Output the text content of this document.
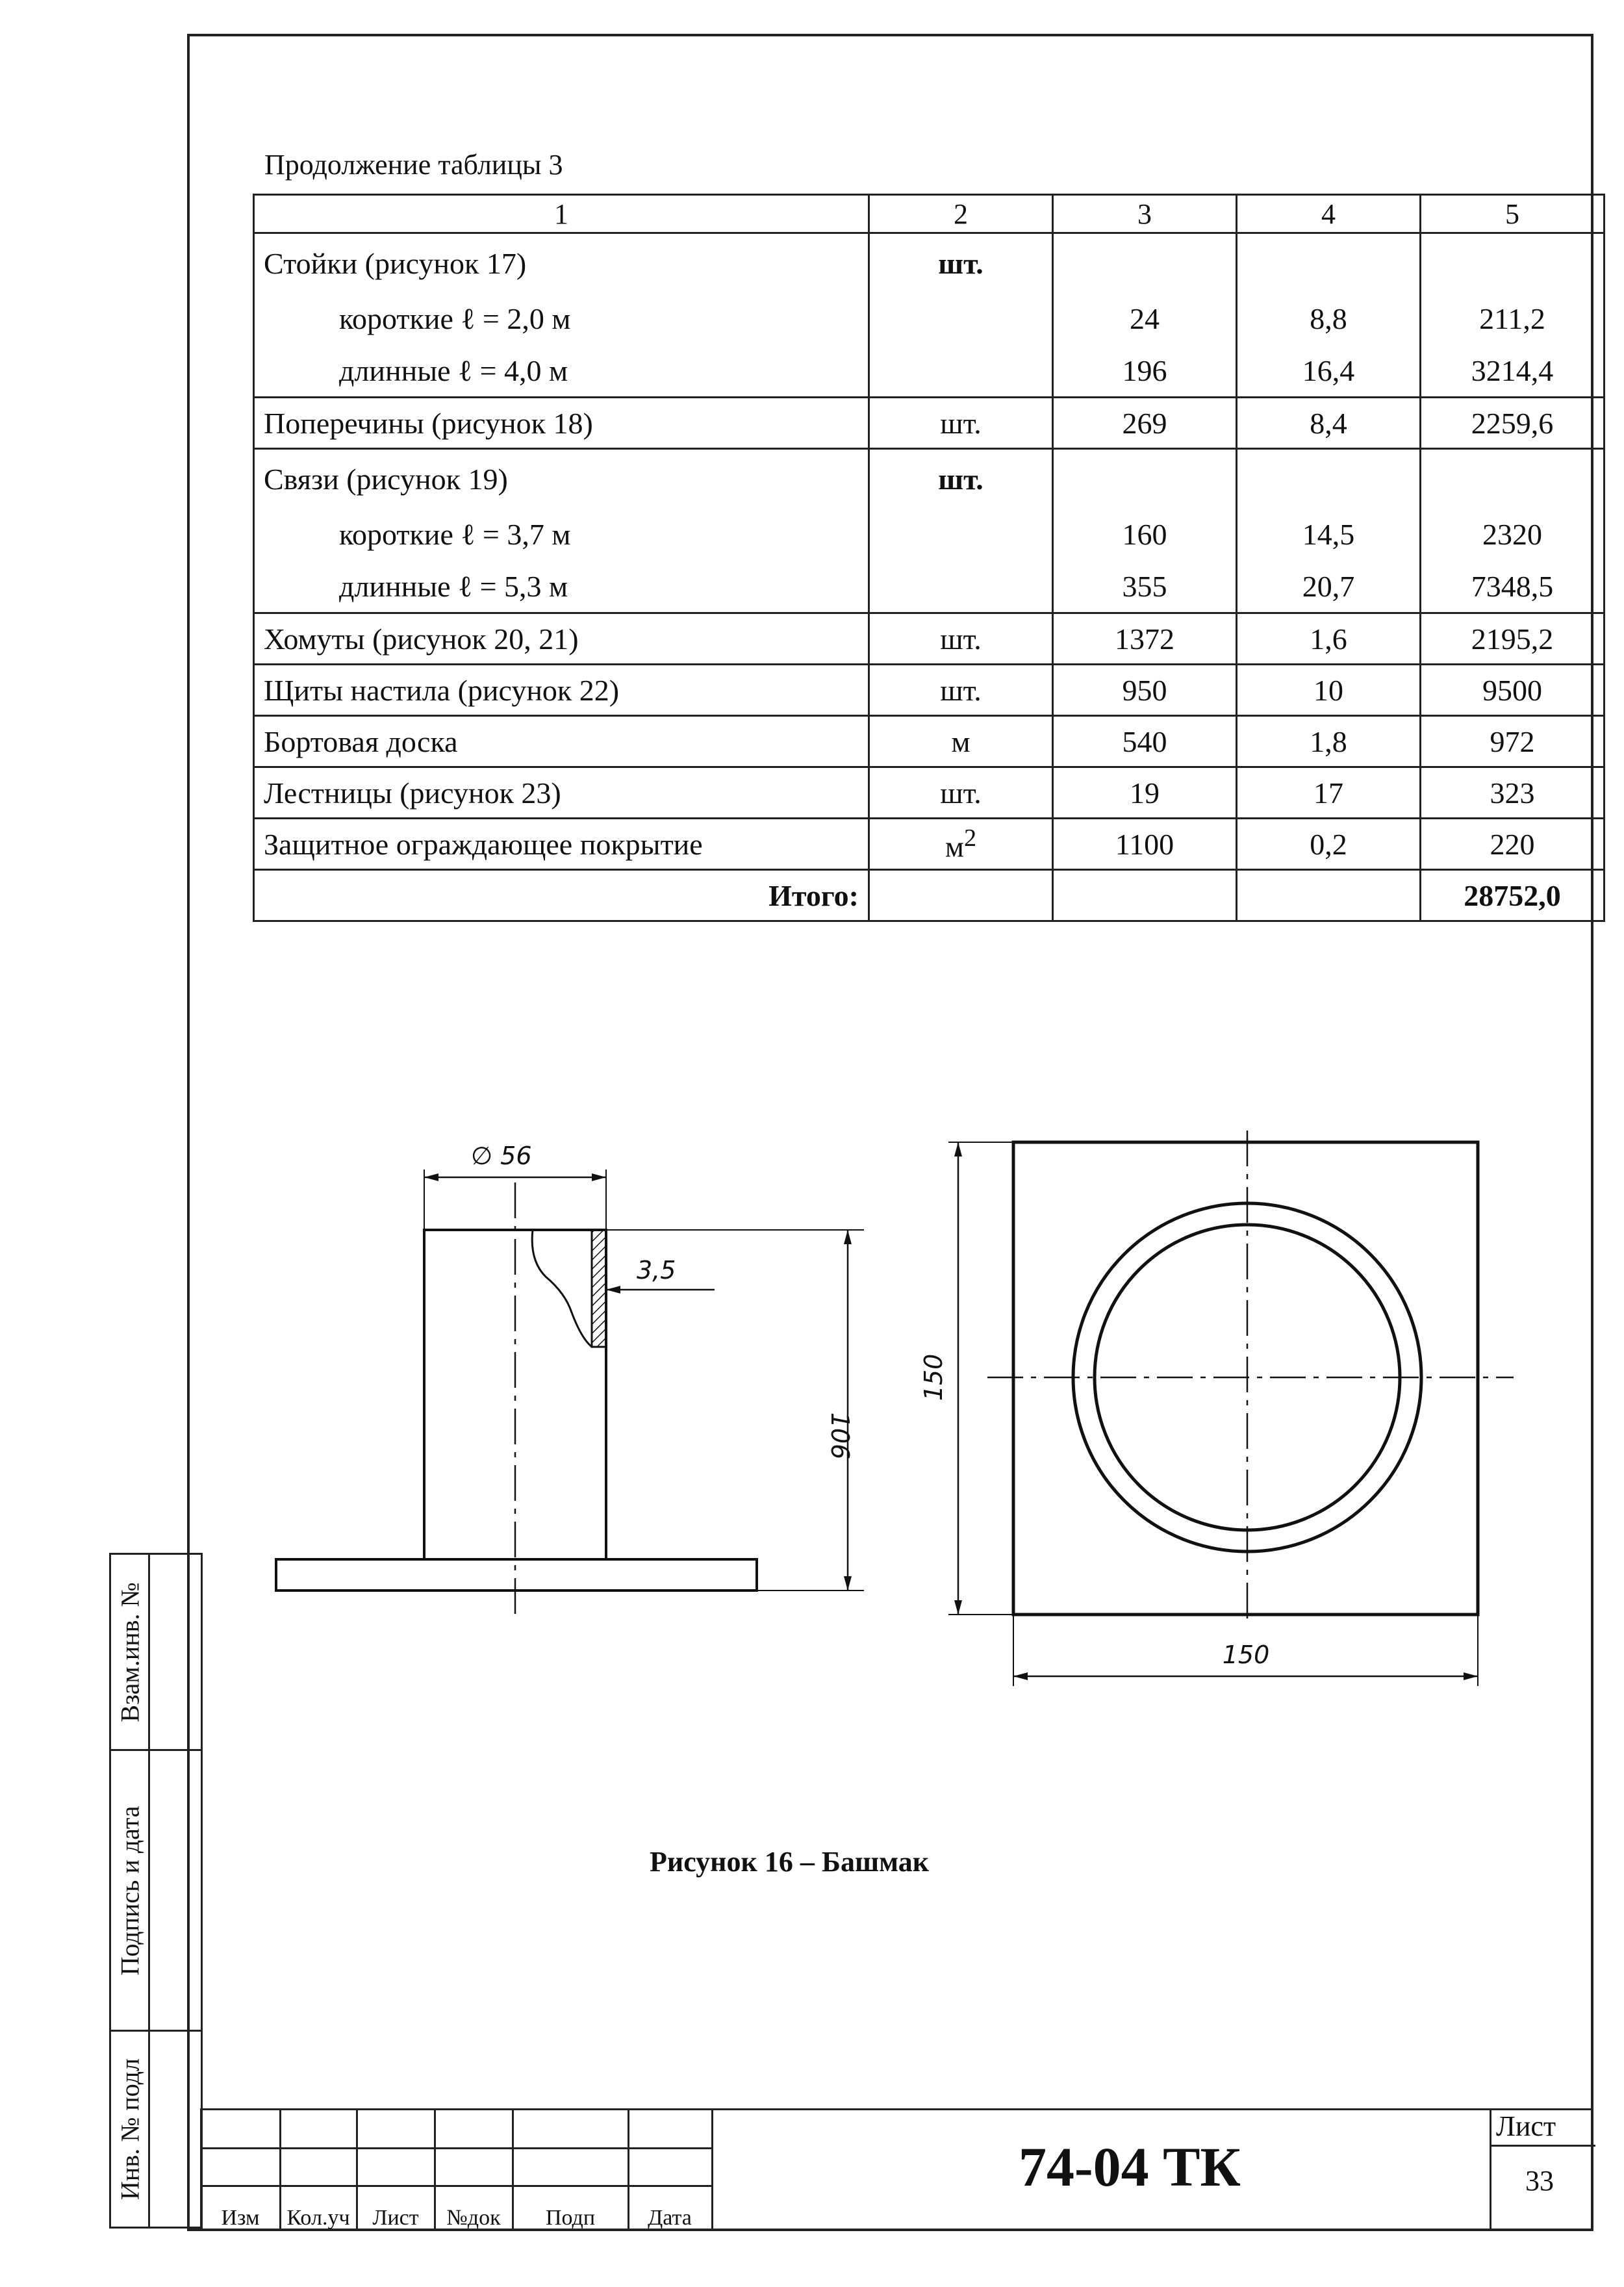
Продолжение таблицы 3
1	2	3	4	5
Стойки (рисунок 17)	шт.			
короткие ℓ = 2,0 м		24	8,8	211,2
длинные ℓ = 4,0 м		196	16,4	3214,4
Поперечины (рисунок 18)	шт.	269	8,4	2259,6
Связи (рисунок 19)	шт.			
короткие ℓ = 3,7 м		160	14,5	2320
длинные ℓ = 5,3 м		355	20,7	7348,5
Хомуты (рисунок 20, 21)	шт.	1372	1,6	2195,2
Щиты настила (рисунок 22)	шт.	950	10	9500
Бортовая доска	м	540	1,8	972
Лестницы (рисунок 23)	шт.	19	17	323
Защитное ограждающее покрытие	$м^2$	1100	0,2	220
Итого:				28752,0
∅ 56
3,5
106
150
150
Рисунок 16 – Башмак
Взам.инв. №
Подпись и дата
Инв. № подл
Изм	Кол.уч	Лист	№док	Подп	Дата
74-04 ТК
Лист
33
